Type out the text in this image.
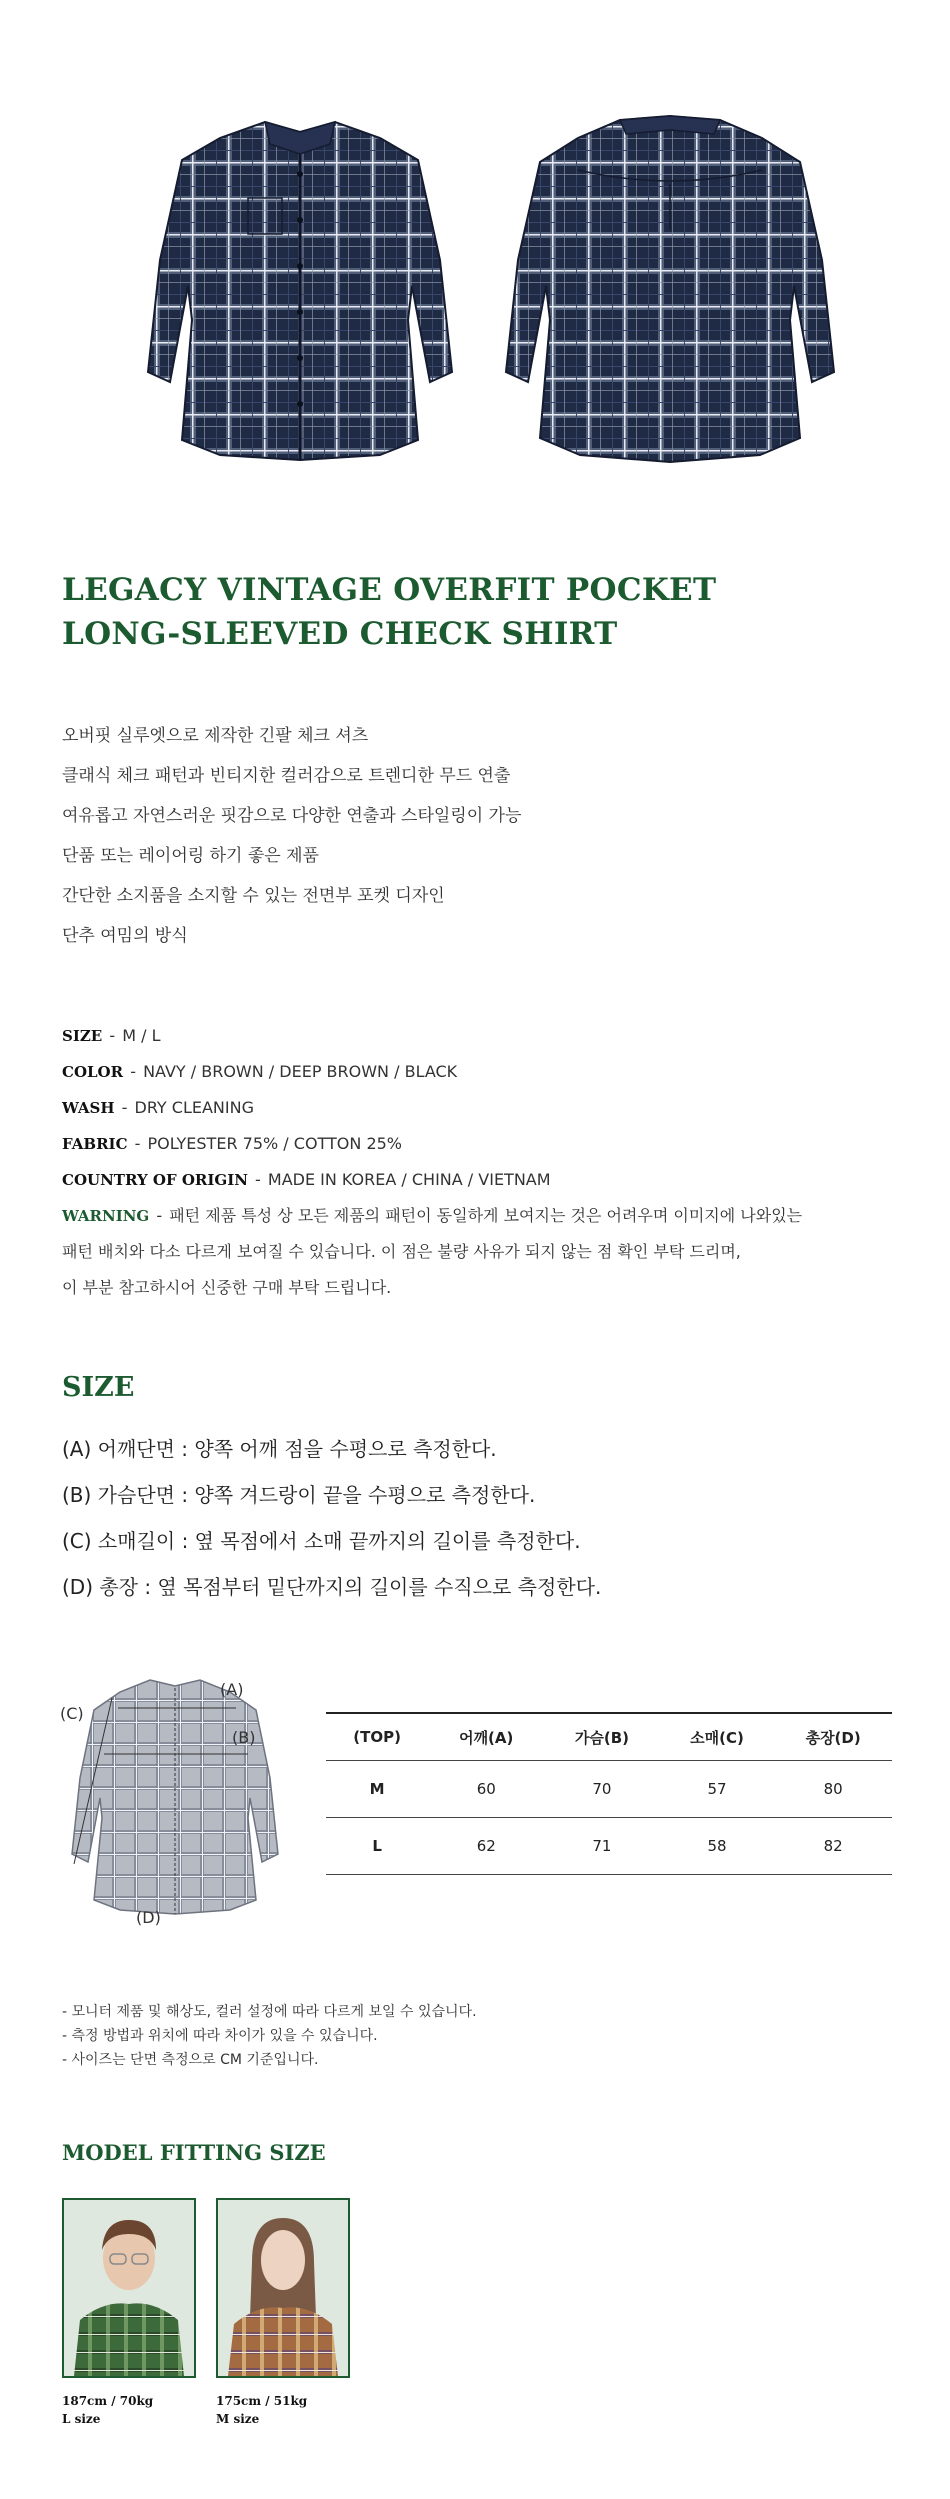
LEGACY VINTAGE OVERFIT POCKET
LONG-SLEEVED CHECK SHIRT
오버핏 실루엣으로 제작한 긴팔 체크 셔츠
클래식 체크 패턴과 빈티지한 컬러감으로 트렌디한 무드 연출
여유롭고 자연스러운 핏감으로 다양한 연출과 스타일링이 가능
단품 또는 레이어링 하기 좋은 제품
간단한 소지품을 소지할 수 있는 전면부 포켓 디자인
단추 여밈의 방식
SIZE - M / L
COLOR - NAVY / BROWN / DEEP BROWN / BLACK
WASH - DRY CLEANING
FABRIC - POLYESTER 75% / COTTON 25%
COUNTRY OF ORIGIN - MADE IN KOREA / CHINA / VIETNAM
WARNING - 패턴 제품 특성 상 모든 제품의 패턴이 동일하게 보여지는 것은 어려우며 이미지에 나와있는
패턴 배치와 다소 다르게 보여질 수 있습니다. 이 점은 불량 사유가 되지 않는 점 확인 부탁 드리며,
이 부분 참고하시어 신중한 구매 부탁 드립니다.
SIZE
(A) 어깨단면 : 양쪽 어깨 점을 수평으로 측정한다.
(B) 가슴단면 : 양쪽 겨드랑이 끝을 수평으로 측정한다.
(C) 소매길이 : 옆 목점에서 소매 끝까지의 길이를 측정한다.
(D) 총장 : 옆 목점부터 밑단까지의 길이를 수직으로 측정한다.
(A)
(B)
(C)
(D)
(TOP)	어깨(A)	가슴(B)	소매(C)	총장(D)
M	60	70	57	80
L	62	71	58	82
- 모니터 제품 및 해상도, 컬러 설정에 따라 다르게 보일 수 있습니다.
- 측정 방법과 위치에 따라 차이가 있을 수 있습니다.
- 사이즈는 단면 측정으로 CM 기준입니다.
MODEL FITTING SIZE
187cm / 70kg
L size
175cm / 51kg
M size
